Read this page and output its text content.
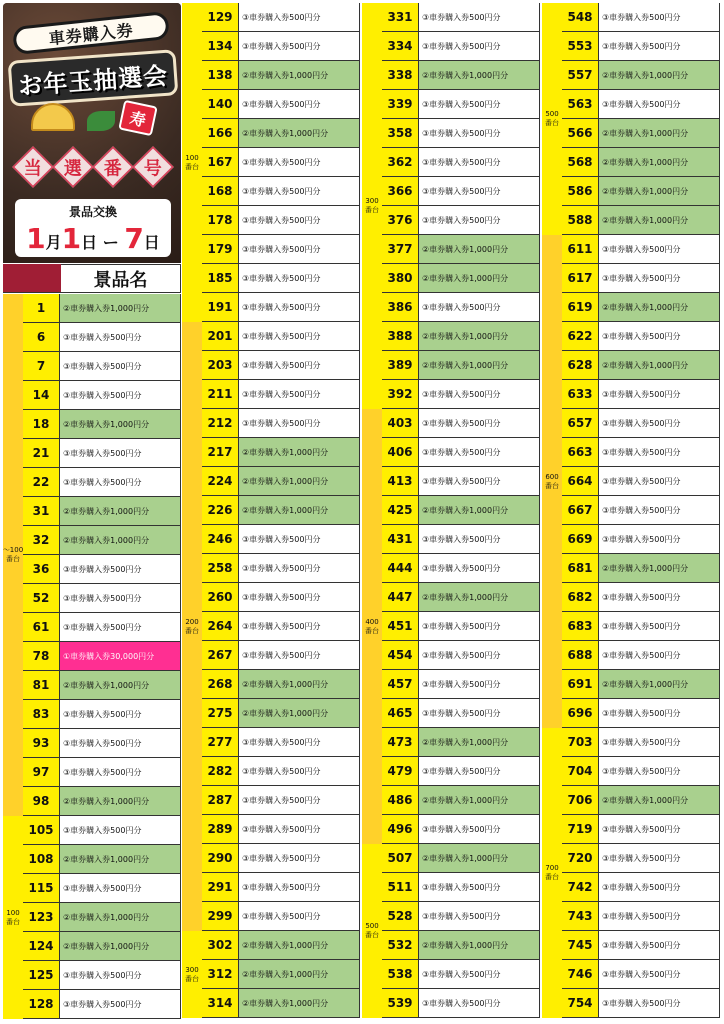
車券購入券
お年玉抽選会
寿
当 選 番 号
景品交換
1月1日 ー 7日
景品名
～100
番台
100
番台
1	②車券購入券1,000円分
6	③車券購入券500円分
7	③車券購入券500円分
14	③車券購入券500円分
18	②車券購入券1,000円分
21	③車券購入券500円分
22	③車券購入券500円分
31	②車券購入券1,000円分
32	②車券購入券1,000円分
36	③車券購入券500円分
52	③車券購入券500円分
61	③車券購入券500円分
78	①車券購入券30,000円分
81	②車券購入券1,000円分
83	③車券購入券500円分
93	③車券購入券500円分
97	③車券購入券500円分
98	②車券購入券1,000円分
105	③車券購入券500円分
108	②車券購入券1,000円分
115	③車券購入券500円分
123	②車券購入券1,000円分
124	②車券購入券1,000円分
125	③車券購入券500円分
128	③車券購入券500円分
100
番台
200
番台
300
番台
129	③車券購入券500円分
134	③車券購入券500円分
138	②車券購入券1,000円分
140	③車券購入券500円分
166	②車券購入券1,000円分
167	③車券購入券500円分
168	③車券購入券500円分
178	③車券購入券500円分
179	③車券購入券500円分
185	③車券購入券500円分
191	③車券購入券500円分
201	③車券購入券500円分
203	③車券購入券500円分
211	③車券購入券500円分
212	③車券購入券500円分
217	②車券購入券1,000円分
224	②車券購入券1,000円分
226	②車券購入券1,000円分
246	③車券購入券500円分
258	③車券購入券500円分
260	③車券購入券500円分
264	③車券購入券500円分
267	③車券購入券500円分
268	②車券購入券1,000円分
275	②車券購入券1,000円分
277	③車券購入券500円分
282	③車券購入券500円分
287	③車券購入券500円分
289	③車券購入券500円分
290	③車券購入券500円分
291	③車券購入券500円分
299	③車券購入券500円分
302	②車券購入券1,000円分
312	②車券購入券1,000円分
314	②車券購入券1,000円分
300
番台
400
番台
500
番台
331	③車券購入券500円分
334	③車券購入券500円分
338	②車券購入券1,000円分
339	③車券購入券500円分
358	③車券購入券500円分
362	③車券購入券500円分
366	③車券購入券500円分
376	③車券購入券500円分
377	②車券購入券1,000円分
380	②車券購入券1,000円分
386	③車券購入券500円分
388	②車券購入券1,000円分
389	②車券購入券1,000円分
392	③車券購入券500円分
403	③車券購入券500円分
406	③車券購入券500円分
413	③車券購入券500円分
425	②車券購入券1,000円分
431	③車券購入券500円分
444	③車券購入券500円分
447	②車券購入券1,000円分
451	③車券購入券500円分
454	③車券購入券500円分
457	③車券購入券500円分
465	③車券購入券500円分
473	②車券購入券1,000円分
479	③車券購入券500円分
486	②車券購入券1,000円分
496	③車券購入券500円分
507	②車券購入券1,000円分
511	③車券購入券500円分
528	③車券購入券500円分
532	②車券購入券1,000円分
538	③車券購入券500円分
539	③車券購入券500円分
500
番台
600
番台
700
番台
548	③車券購入券500円分
553	③車券購入券500円分
557	②車券購入券1,000円分
563	③車券購入券500円分
566	②車券購入券1,000円分
568	②車券購入券1,000円分
586	②車券購入券1,000円分
588	②車券購入券1,000円分
611	③車券購入券500円分
617	③車券購入券500円分
619	②車券購入券1,000円分
622	③車券購入券500円分
628	②車券購入券1,000円分
633	③車券購入券500円分
657	③車券購入券500円分
663	③車券購入券500円分
664	③車券購入券500円分
667	③車券購入券500円分
669	③車券購入券500円分
681	②車券購入券1,000円分
682	③車券購入券500円分
683	③車券購入券500円分
688	③車券購入券500円分
691	②車券購入券1,000円分
696	③車券購入券500円分
703	③車券購入券500円分
704	③車券購入券500円分
706	②車券購入券1,000円分
719	③車券購入券500円分
720	③車券購入券500円分
742	③車券購入券500円分
743	③車券購入券500円分
745	③車券購入券500円分
746	③車券購入券500円分
754	③車券購入券500円分
